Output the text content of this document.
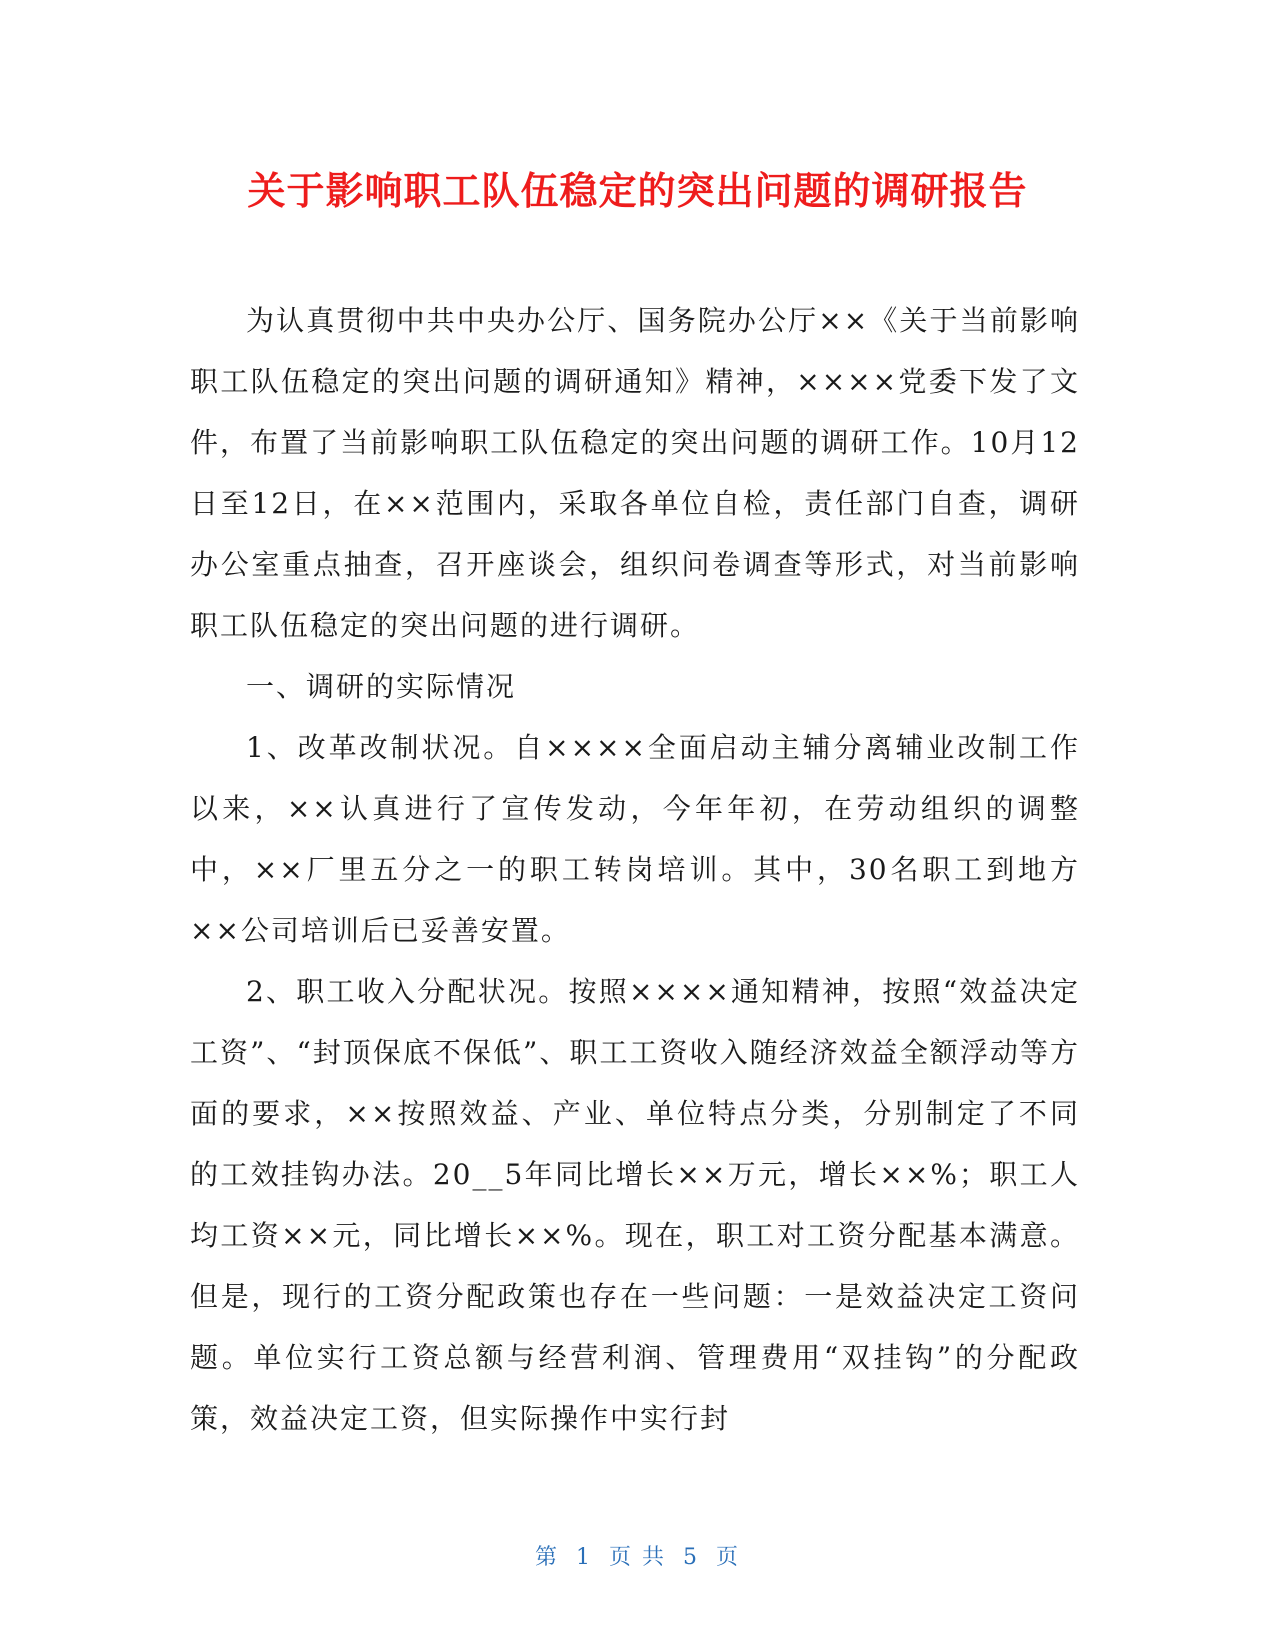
关于影响职工队伍稳定的突出问题的调研报告

为认真贯彻中共中央办公厅、国务院办公厅××《关于当前影响职工队伍稳定的突出问题的调研通知》精神，××××党委下发了文件，布置了当前影响职工队伍稳定的突出问题的调研工作。10月12日至12日，在××范围内，采取各单位自检，责任部门自查，调研办公室重点抽查，召开座谈会，组织问卷调查等形式，对当前影响职工队伍稳定的突出问题的进行调研。

一、调研的实际情况

1、改革改制状况。自××××全面启动主辅分离辅业改制工作以来，××认真进行了宣传发动，今年年初，在劳动组织的调整中，××厂里五分之一的职工转岗培训。其中，30名职工到地方××公司培训后已妥善安置。

2、职工收入分配状况。按照××××通知精神，按照“效益决定工资”、“封顶保底不保低”、职工工资收入随经济效益全额浮动等方面的要求，××按照效益、产业、单位特点分类，分别制定了不同的工效挂钩办法。20__5年同比增长××万元，增长××%；职工人均工资××元，同比增长××%。现在，职工对工资分配基本满意。但是，现行的工资分配政策也存在一些问题：一是效益决定工资问题。单位实行工资总额与经营利润、管理费用“双挂钩”的分配政策，效益决定工资，但实际操作中实行封

第 1 页 共 5 页
